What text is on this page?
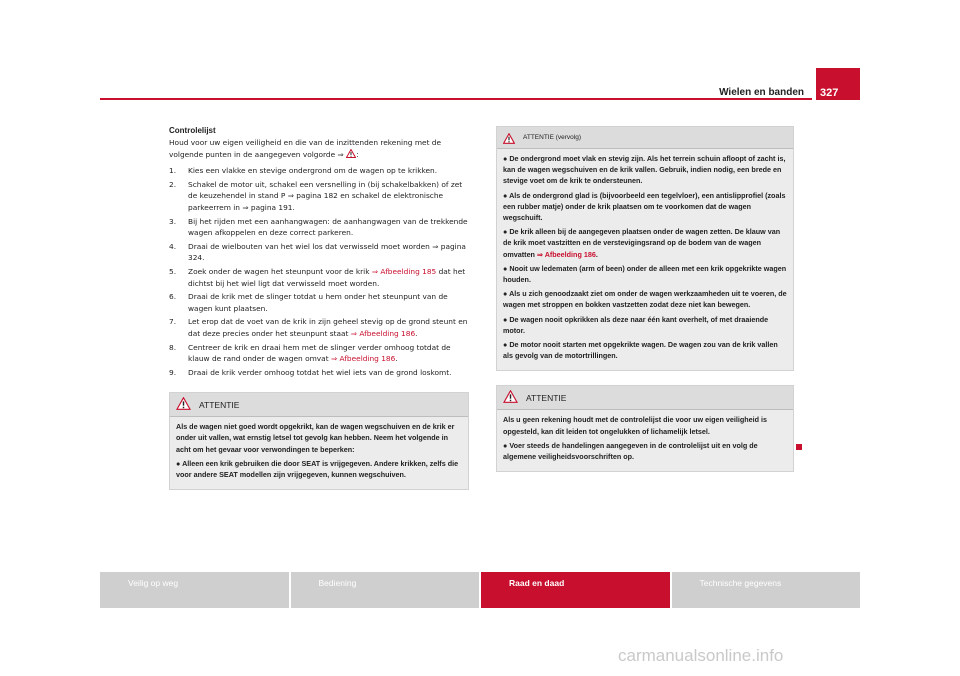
Wielen en banden 327
Controlelijst

Houd voor uw eigen veiligheid en die van de inzittenden rekening met de volgende punten in de aangegeven volgorde ⇒ :

1.	Kies een vlakke en stevige ondergrond om de wagen op te krikken.
2.	Schakel de motor uit, schakel een versnelling in (bij schakelbakken) of zet de keuzehendel in stand P ⇒ pagina 182 en schakel de elektronische parkeerrem in ⇒ pagina 191.
3.	Bij het rijden met een aanhangwagen: de aanhangwagen van de trekkende wagen afkoppelen en deze correct parkeren.
4.	Draai de wielbouten van het wiel los dat verwisseld moet worden ⇒ pagina 324.
5.	Zoek onder de wagen het steunpunt voor de krik ⇒ Afbeelding 185 dat het dichtst bij het wiel ligt dat verwisseld moet worden.
6.	Draai de krik met de slinger totdat u hem onder het steunpunt van de wagen kunt plaatsen.
7.	Let erop dat de voet van de krik in zijn geheel stevig op de grond steunt en dat deze precies onder het steunpunt staat ⇒ Afbeelding 186.
8.	Centreer de krik en draai hem met de slinger verder omhoog totdat de klauw de rand onder de wagen omvat ⇒ Afbeelding 186.
9.	Draai de krik verder omhoog totdat het wiel iets van de grond loskomt.
ATTENTIE

Als de wagen niet goed wordt opgekrikt, kan de wagen wegschuiven en de krik er onder uit vallen, wat ernstig letsel tot gevolg kan hebben. Neem het volgende in acht om het gevaar voor verwondingen te beperken:

● Alleen een krik gebruiken die door SEAT is vrijgegeven. Andere krikken, zelfs die voor andere SEAT modellen zijn vrijgegeven, kunnen wegschuiven.

ATTENTIE (vervolg)

● De ondergrond moet vlak en stevig zijn. Als het terrein schuin afloopt of zacht is, kan de wagen wegschuiven en de krik vallen. Gebruik, indien nodig, een brede en stevige voet om de krik te ondersteunen.

● Als de ondergrond glad is (bijvoorbeeld een tegelvloer), een antislipprofiel (zoals een rubber matje) onder de krik plaatsen om te voorkomen dat de wagen wegschuift.

● De krik alleen bij de aangegeven plaatsen onder de wagen zetten. De klauw van de krik moet vastzitten en de verstevigingsrand op de bodem van de wagen omvatten ⇒ Afbeelding 186.

● Nooit uw ledematen (arm of been) onder de alleen met een krik opgekrikte wagen houden.

● Als u zich genoodzaakt ziet om onder de wagen werkzaamheden uit te voeren, de wagen met stroppen en bokken vastzetten zodat deze niet kan bewegen.

● De wagen nooit opkrikken als deze naar één kant overhelt, of met draaiende motor.

● De motor nooit starten met opgekrikte wagen. De wagen zou van de krik vallen als gevolg van de motortrillingen.

ATTENTIE

Als u geen rekening houdt met de controlelijst die voor uw eigen veiligheid is opgesteld, kan dit leiden tot ongelukken of lichamelijk letsel.

● Voer steeds de handelingen aangegeven in de controlelijst uit en volg de algemene veiligheidsvoorschriften op.

Veilig op weg	Bediening	Raad en daad	Technische gegevens
carmanualsonline.info
